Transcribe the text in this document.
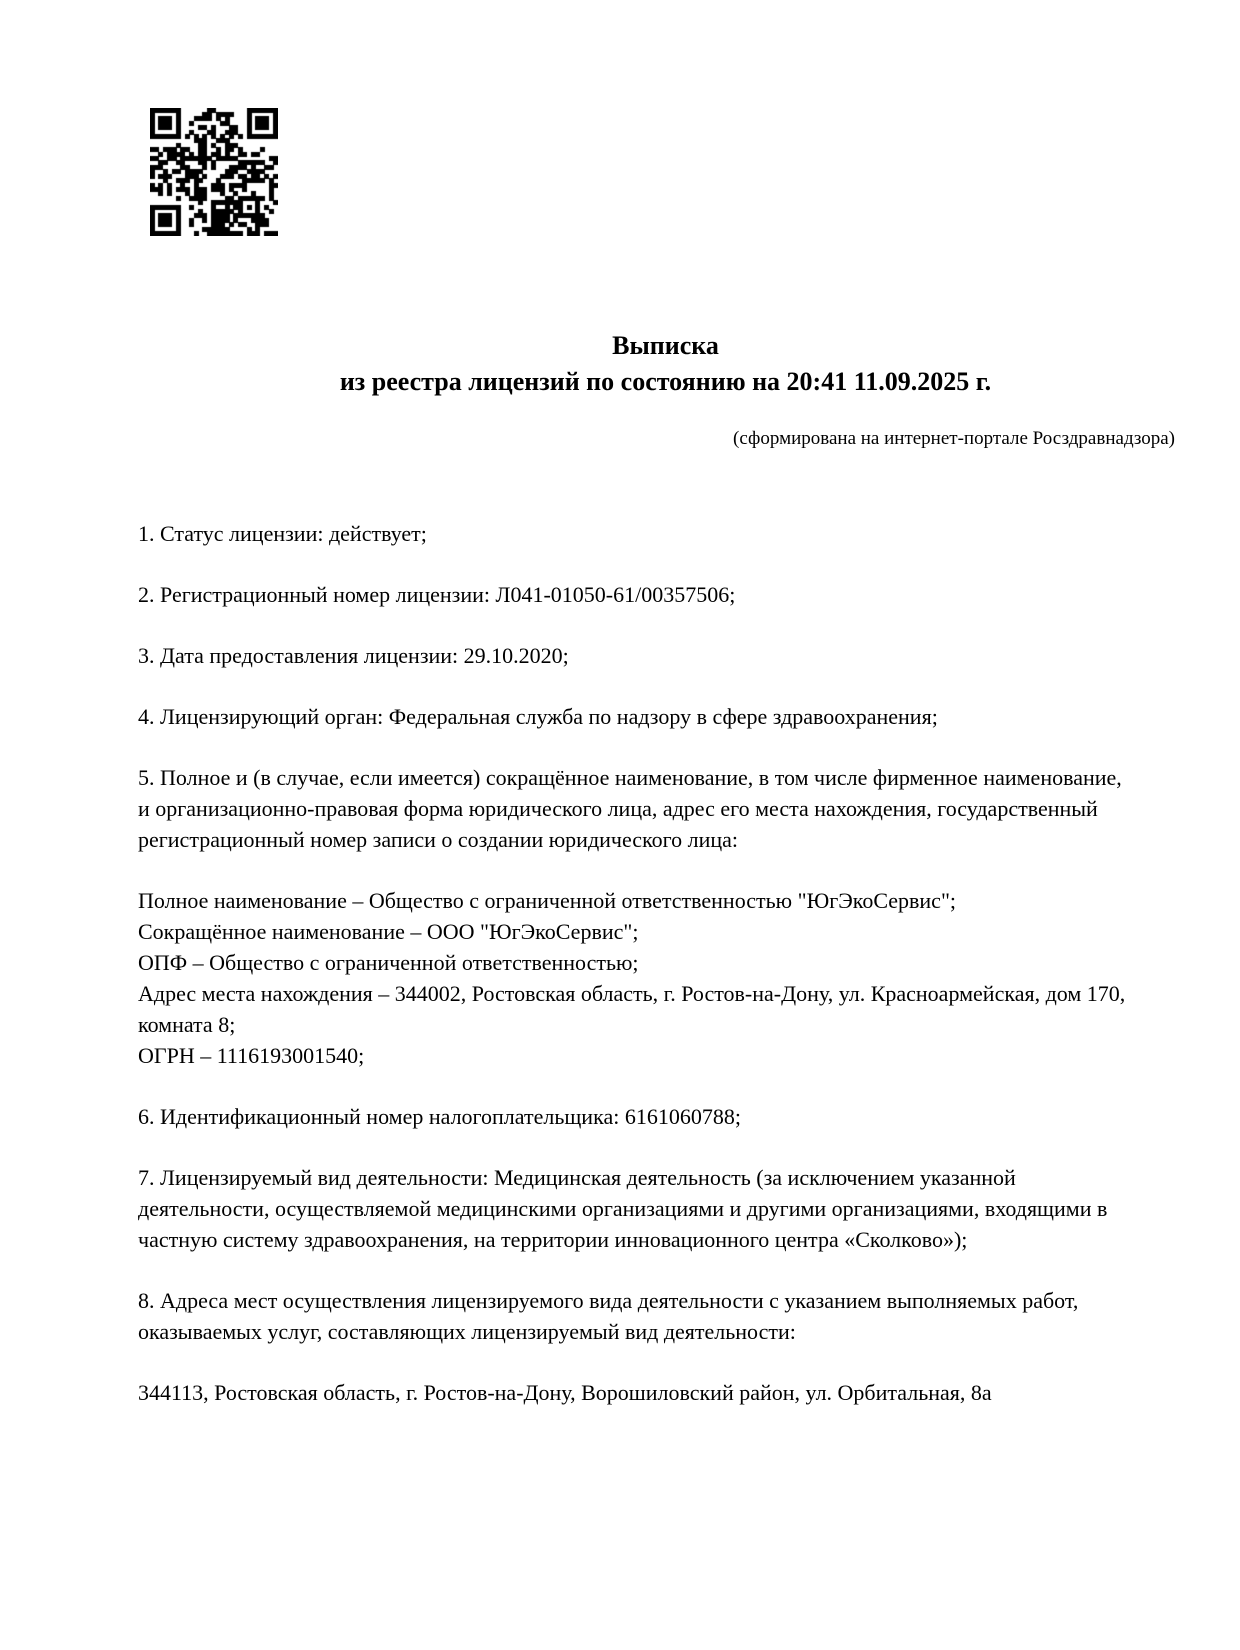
Выписка
из реестра лицензий по состоянию на 20:41 11.09.2025 г.
(сформирована на интернет-портале Росздравнадзора)

1. Статус лицензии: действует;

2. Регистрационный номер лицензии: Л041-01050-61/00357506;

3. Дата предоставления лицензии: 29.10.2020;

4. Лицензирующий орган: Федеральная служба по надзору в сфере здравоохранения;

5. Полное и (в случае, если имеется) сокращённое наименование, в том числе фирменное наименование, и организационно-правовая форма юридического лица, адрес его места нахождения, государственный регистрационный номер записи о создании юридического лица:

Полное наименование – Общество с ограниченной ответственностью "ЮгЭкоСервис";
Сокращённое наименование – ООО "ЮгЭкоСервис";
ОПФ – Общество с ограниченной ответственностью;
Адрес места нахождения – 344002, Ростовская область, г. Ростов-на-Дону, ул. Красноармейская, дом 170, комната 8;
ОГРН – 1116193001540;

6. Идентификационный номер налогоплательщика: 6161060788;

7. Лицензируемый вид деятельности: Медицинская деятельность (за исключением указанной деятельности, осуществляемой медицинскими организациями и другими организациями, входящими в частную систему здравоохранения, на территории инновационного центра «Сколково»);

8. Адреса мест осуществления лицензируемого вида деятельности с указанием выполняемых работ, оказываемых услуг, составляющих лицензируемый вид деятельности:

344113, Ростовская область, г. Ростов-на-Дону, Ворошиловский район, ул. Орбитальная, 8а
